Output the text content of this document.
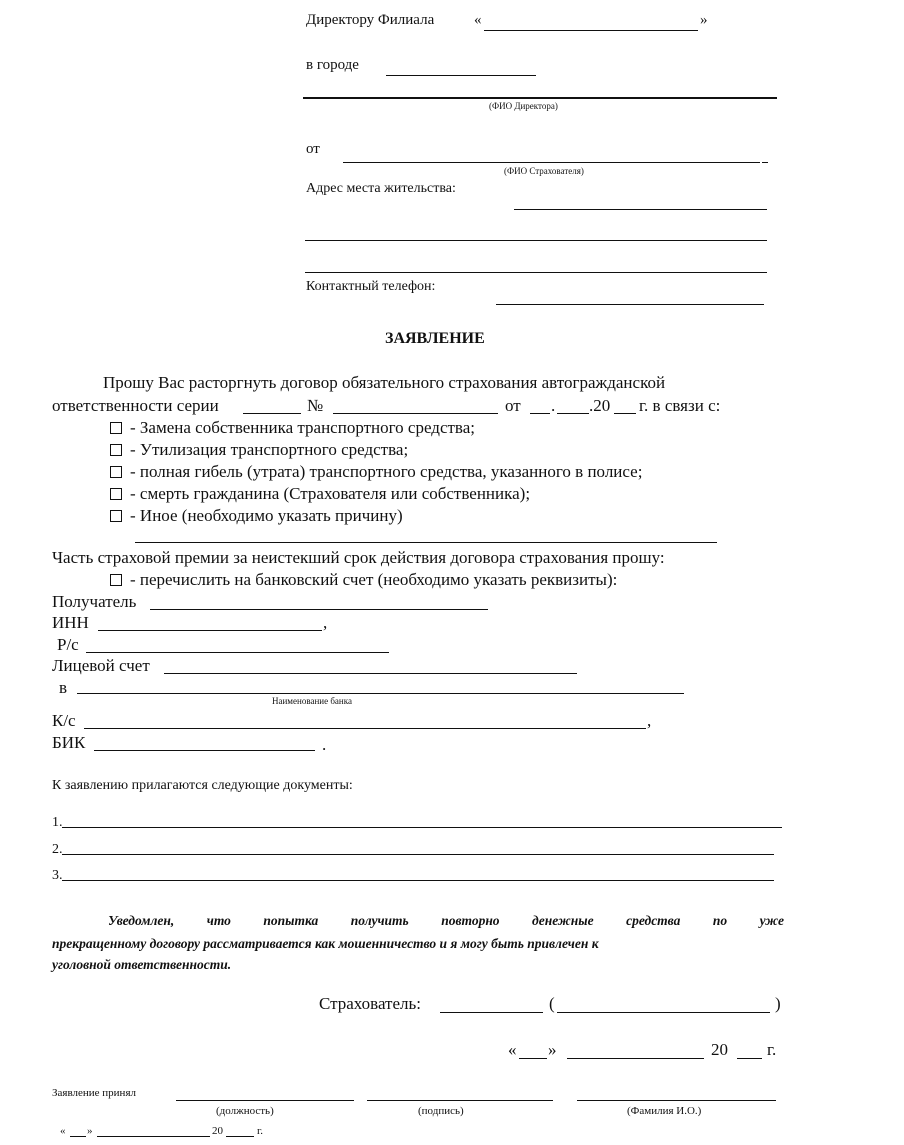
Директору Филиала	«	»
в городе
(ФИО Директора)
от
(ФИО Страхователя)
Адрес места жительства:
Контактный телефон:
ЗАЯВЛЕНИЕ
Прошу Вас расторгнуть договор обязательного страхования автогражданской
ответственности серии	№	от . .20 г. в связи с:
- Замена собственника транспортного средства;
- Утилизация транспортного средства;
- полная гибель (утрата) транспортного средства, указанного в полисе;
- смерть гражданина (Страхователя или собственника);
- Иное (необходимо указать причину)
Часть страховой премии за неистекший срок действия договора страхования прошу:
- перечислить на банковский счет (необходимо указать реквизиты):
Получатель
ИНН	,
Р/с
Лицевой счет
в
Наименование банка
К/с	,
БИК	.
К заявлению прилагаются следующие документы:
1.
2.
3.
Уведомлен, что попытка получить повторно денежные средства по уже
прекращенному договору рассматривается как мошенничество и я могу быть привлечен к
уголовной ответственности.
Страхователь:	(	)
« »	20 г.
Заявление принял
(должность)	(подпись)	(Фамилия И.О.)
« »	20	г.
